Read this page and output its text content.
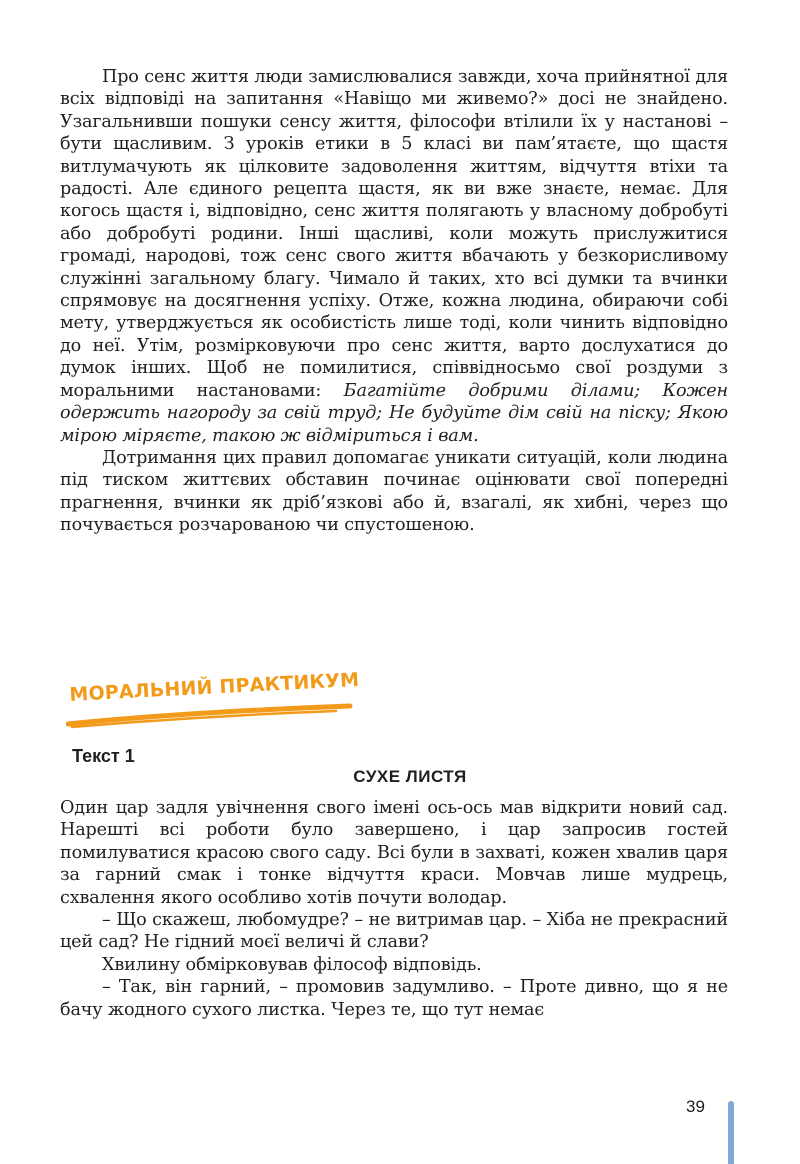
Про сенс життя люди замислювалися завжди, хоча прийнятної для всіх відповіді на запитання «Навіщо ми живемо?» досі не знайдено. Узагальнивши пошуки сенсу життя, філософи втілили їх у настанові – бути щасливим. З уроків етики в 5 класі ви пам’ятаєте, що щастя витлумачують як цілковите задоволення життям, відчуття втіхи та радості. Але єдиного рецепта щастя, як ви вже знаєте, немає. Для когось щастя і, відповідно, сенс життя полягають у власному добробуті або добробуті родини. Інші щасливі, коли можуть прислужитися громаді, народові, тож сенс свого життя вбачають у безкорисливому служінні загальному благу. Чимало й таких, хто всі думки та вчинки спрямовує на досягнення успіху. Отже, кожна людина, обираючи собі мету, утверджується як особистість лише тоді, коли чинить відповідно до неї. Утім, розмірковуючи про сенс життя, варто дослухатися до думок інших. Щоб не помилитися, співвідносьмо свої роздуми з моральними настановами: Багатійте добрими ділами; Кожен одержить нагороду за свій труд; Не будуйте дім свій на піску; Якою мірою міряєте, такою ж відміриться і вам.

Дотримання цих правил допомагає уникати ситуацій, коли людина під тиском життєвих обставин починає оцінювати свої попередні прагнення, вчинки як дріб’язкові або й, взагалі, як хибні, через що почувається розчарованою чи спустошеною.

МОРАЛЬНИЙ ПРАКТИКУМ
Текст 1
СУХЕ ЛИСТЯ

Один цар задля увічнення свого імені ось-ось мав відкрити новий сад. Нарешті всі роботи було завершено, і цар запросив гостей помилуватися красою свого саду. Всі були в захваті, кожен хвалив царя за гарний смак і тонке відчуття краси. Мовчав лише мудрець, схвалення якого особливо хотів почути володар.

– Що скажеш, любомудре? – не витримав цар. – Хіба не прекрасний цей сад? Не гідний моєї величі й слави?

Хвилину обмірковував філософ відповідь.

– Так, він гарний, – промовив задумливо. – Проте дивно, що я не бачу жодного сухого листка. Через те, що тут немає

39
